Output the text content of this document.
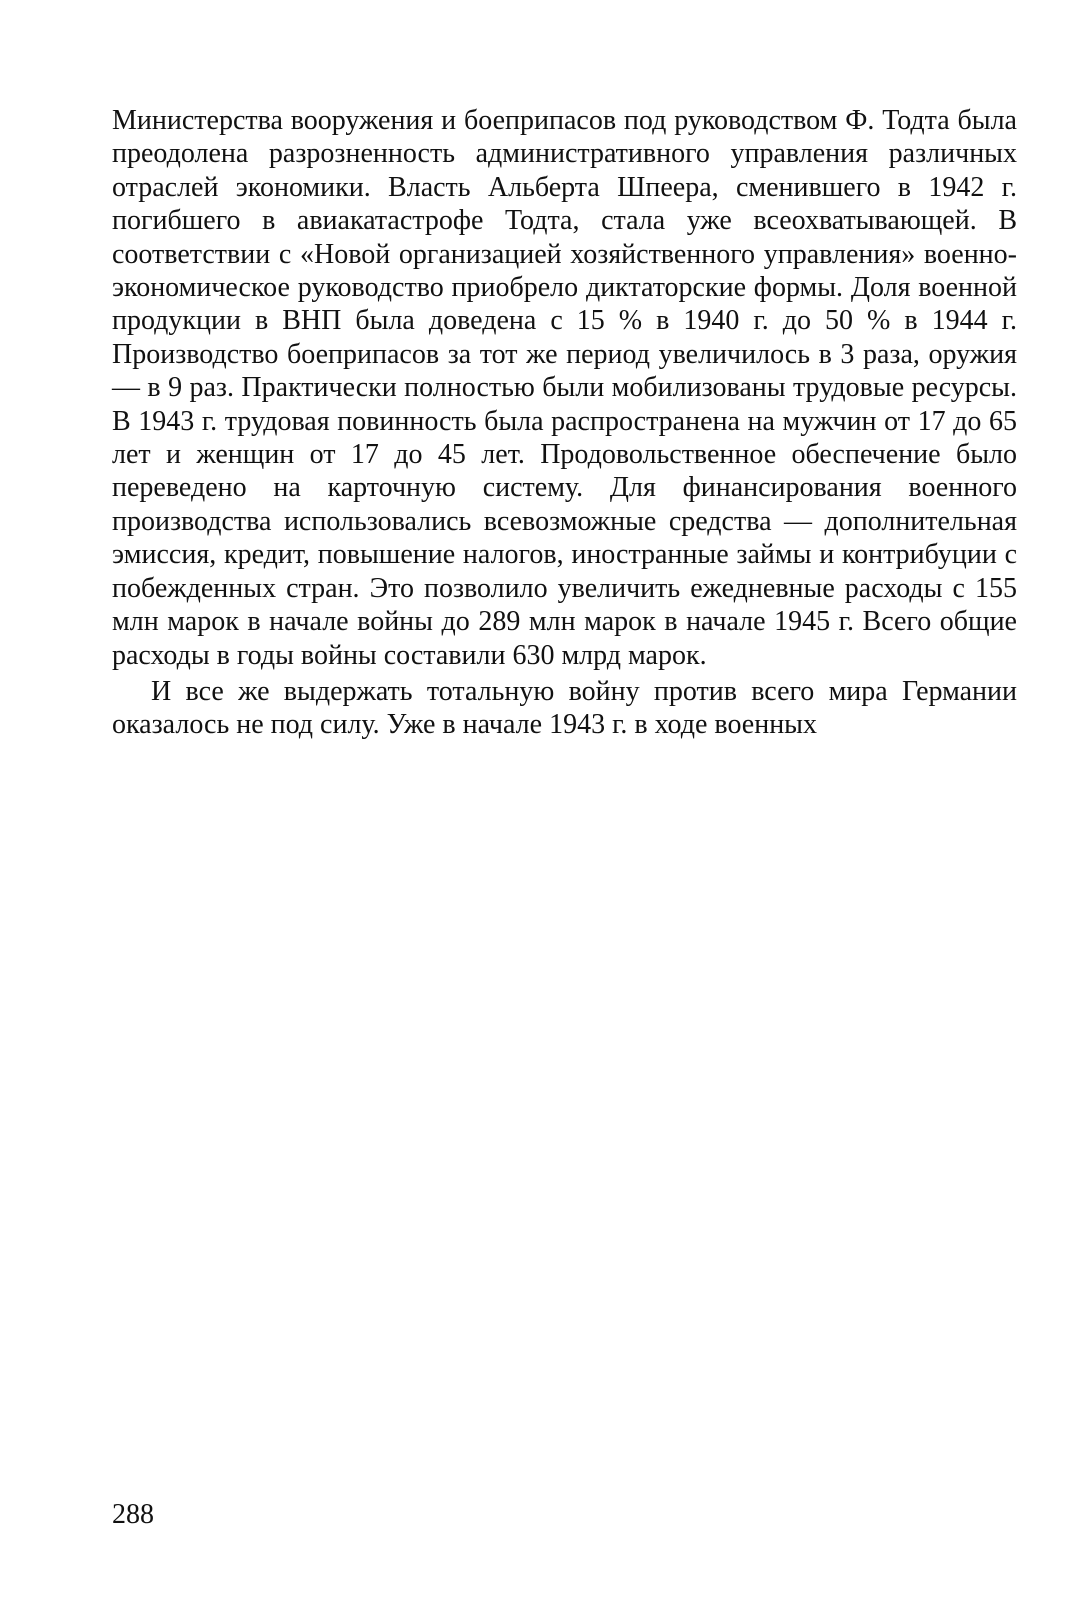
Министерства вооружения и боеприпасов под руководством Ф. Тодта была преодолена разрозненность административного управления различных отраслей экономики. Власть Альберта Шпеера, сменившего в 1942 г. погибшего в авиакатастрофе Тодта, стала уже всеохватывающей. В соответствии с «Новой организацией хозяйственного управления» военно-экономическое руководство приобрело диктаторские формы. Доля военной продукции в ВНП была доведена с 15 % в 1940 г. до 50 % в 1944 г. Производство боеприпасов за тот же период увеличилось в 3 раза, оружия — в 9 раз. Практически полностью были мобилизованы трудовые ресурсы. В 1943 г. трудовая повинность была распространена на мужчин от 17 до 65 лет и женщин от 17 до 45 лет. Продовольственное обеспечение было переведено на карточную систему. Для финансирования военного производства использовались всевозможные средства — дополнительная эмиссия, кредит, повышение налогов, иностранные займы и контрибуции с побежденных стран. Это позволило увеличить ежедневные расходы с 155 млн марок в начале войны до 289 млн марок в начале 1945 г. Всего общие расходы в годы войны составили 630 млрд марок.

И все же выдержать тотальную войну против всего мира Германии оказалось не под силу. Уже в начале 1943 г. в ходе военных

288
